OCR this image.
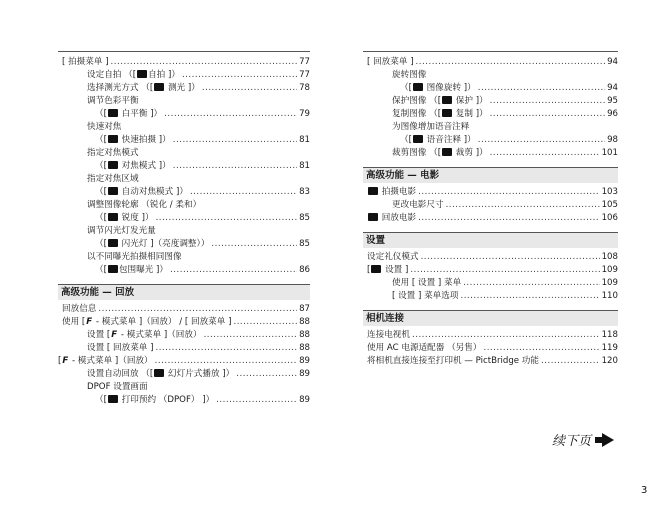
[ 拍摄菜单 ] .....	77
设定自拍 （[ 自拍 ]） .....	77
选择测光方式 （[ 测光 ]） .....	78
调节色彩平衡
（[ 白平衡 ]） .....	79
快速对焦
（[ 快速拍摄 ]） .....	81
指定对焦模式
（[ 对焦模式 ]） .....	81
指定对焦区域
（[ 自动对焦模式 ]） .....	83
调整图像轮廓 （锐化 / 柔和）
（[ 锐度 ]） .....	85
调节闪光灯发光量
（[ 闪光灯 ]（亮度调整）） .....	85
以不同曝光拍摄相同图像
（[ 包围曝光 ]） .....	86
高级功能 — 回放
回放信息 .....	87
使用 [F - 模式菜单 ]（回放） / [ 回放菜单 ] .....	88
设置 [F - 模式菜单 ]（回放） .....	88
设置 [ 回放菜单 ] .....	88
[F - 模式菜单 ]（回放） .....	89
设置自动回放 （[ 幻灯片式播放 ]） .....	89
DPOF 设置画面
（[ 打印预约 （DPOF） ]） .....	89
[ 回放菜单 ] .....	94
旋转图像
（[ 图像旋转 ]） .....	94
保护图像 （[ 保护 ]） .....	95
复制图像 （[ 复制 ]） .....	96
为图像增加语音注释
（[ 语音注释 ]） .....	98
裁剪图像 （[ 裁剪 ]） .....	101
高级功能 — 电影
拍摄电影 .....	103
更改电影尺寸 .....	105
回放电影 .....	106
设置
设定礼仪模式 .....	108
[ 设置 ] .....	109
使用 [ 设置 ] 菜单 .....	109
[ 设置 ] 菜单选项 .....	110
相机连接
连接电视机 .....	118
使用 AC 电源适配器 （另售） .....	119
将相机直接连接至打印机 — PictBridge 功能 .....	120
续下页
3
